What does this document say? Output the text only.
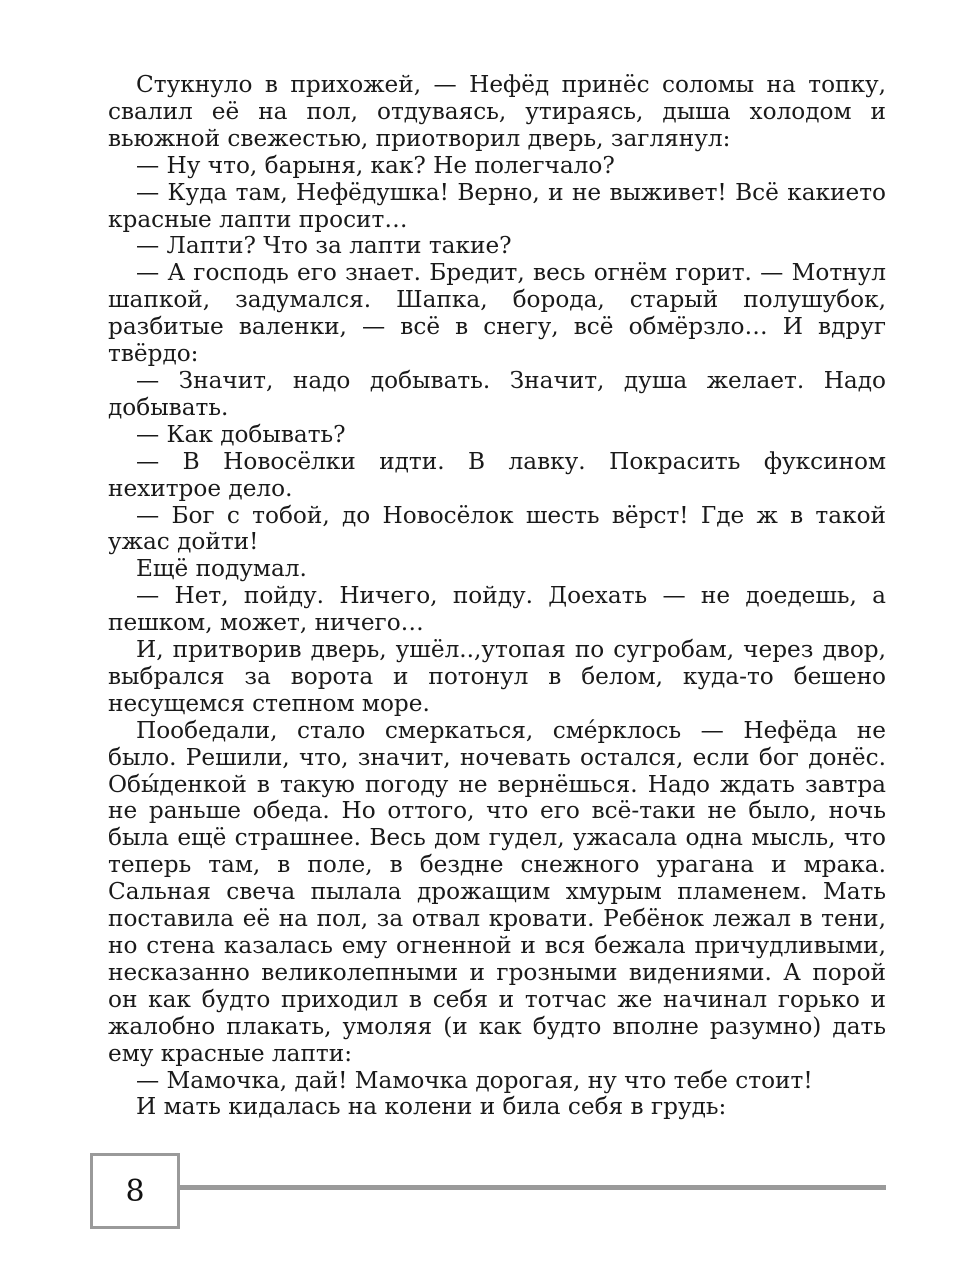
Стукнуло в прихожей, — Нефёд принёс соломы на топку, свалил её на пол, отдуваясь, утираясь, дыша холодом и вьюжной свежестью, приотворил дверь, заглянул:

— Ну что, барыня, как? Не полегчало?

— Куда там, Нефёдушка! Верно, и не выживет! Всё какието красные лапти просит…

— Лапти? Что за лапти такие?

— А господь его знает. Бредит, весь огнём горит. — Мотнул шапкой, задумался. Шапка, борода, старый полушубок, разбитые валенки, — всё в снегу, всё обмёрзло… И вдруг твёрдо:

— Значит, надо добывать. Значит, душа желает. Надо добывать.

— Как добывать?

— В Новосёлки идти. В лавку. Покрасить фуксином нехитрое дело.

— Бог с тобой, до Новосёлок шесть вёрст! Где ж в такой ужас дойти!

Ещё подумал.

— Нет, пойду. Ничего, пойду. Доехать — не доедешь, а пешком, может, ничего…

И, притворив дверь, ушёл..,утопая по сугробам, через двор, выбрался за ворота и потонул в белом, куда-то бешено несущемся степном море.

Пообедали, стало смеркаться, сме́рклось — Нефёда не было. Решили, что, значит, ночевать остался, если бог донёс. Обы́денкой в такую погоду не вернёшься. Надо ждать завтра не раньше обеда. Но оттого, что его всё-таки не было, ночь была ещё страшнее. Весь дом гудел, ужасала одна мысль, что теперь там, в поле, в бездне снежного урагана и мрака. Сальная свеча пылала дрожащим хмурым пламенем. Мать поставила её на пол, за отвал кровати. Ребёнок лежал в тени, но стена казалась ему огненной и вся бежала причудливыми, несказанно великолепными и грозными видениями. А порой он как будто приходил в себя и тотчас же начинал горько и жалобно плакать, умоляя (и как будто вполне разумно) дать ему красные лапти:

— Мамочка, дай! Мамочка дорогая, ну что тебе стоит!

И мать кидалась на колени и била себя в грудь:

8
